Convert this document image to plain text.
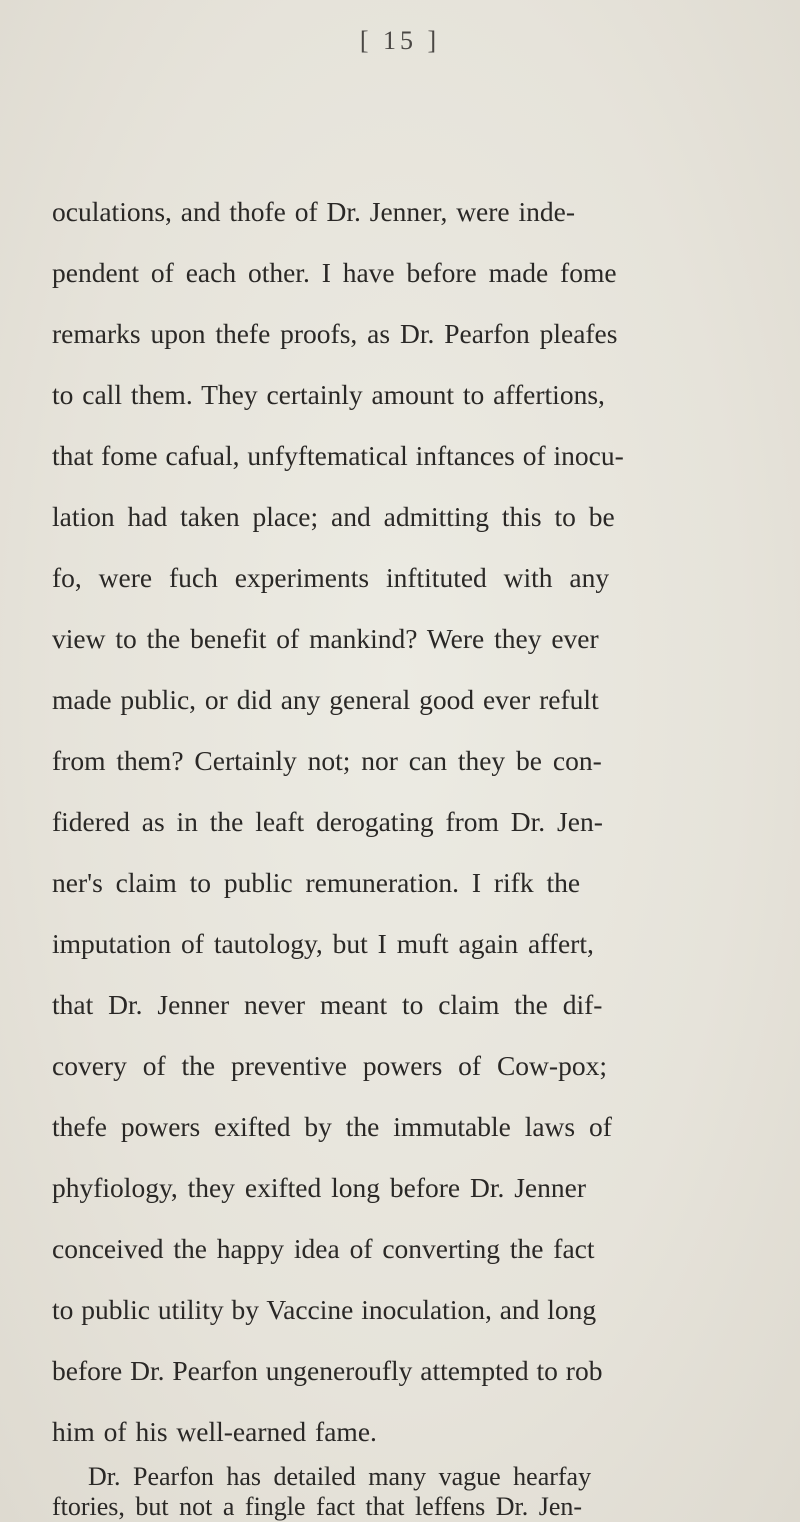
[ 15 ]
oculations, and thofe of Dr. Jenner, were inde-
pendent of each other. I have before made fome
remarks upon thefe proofs, as Dr. Pearfon pleafes
to call them. They certainly amount to affertions,
that fome cafual, unfyftematical inftances of inocu-
lation had taken place; and admitting this to be
fo, were fuch experiments inftituted with any
view to the benefit of mankind? Were they ever
made public, or did any general good ever refult
from them? Certainly not; nor can they be con-
fidered as in the leaft derogating from Dr. Jen-
ner's claim to public remuneration. I rifk the
imputation of tautology, but I muft again affert,
that Dr. Jenner never meant to claim the dif-
covery of the preventive powers of Cow-pox;
thefe powers exifted by the immutable laws of
phyfiology, they exifted long before Dr. Jenner
conceived the happy idea of converting the fact
to public utility by Vaccine inoculation, and long
before Dr. Pearfon ungeneroufly attempted to rob
him of his well-earned fame.
Dr. Pearfon has detailed many vague hearfay
ftories, but not a fingle fact that leffens Dr. Jen-
